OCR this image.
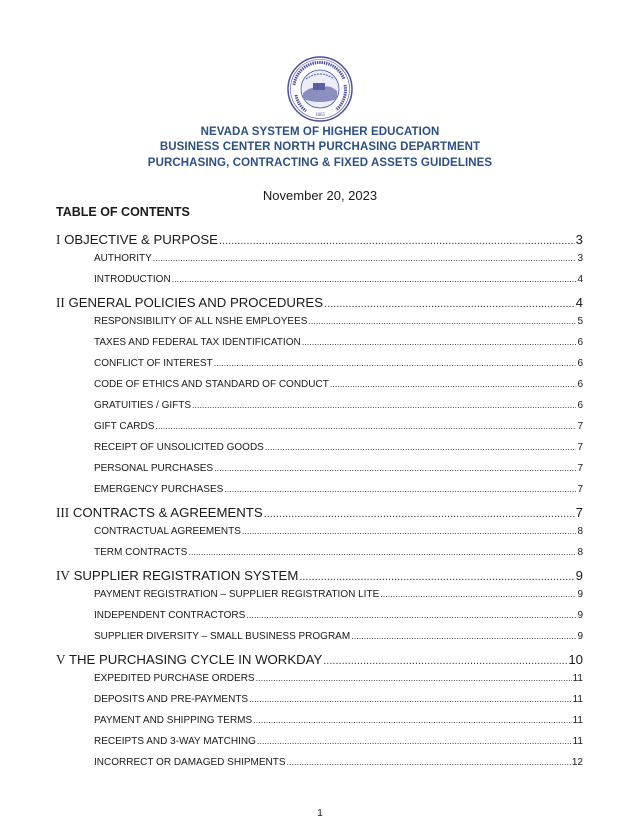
1865
NEVADA SYSTEM OF HIGHER EDUCATION
BUSINESS CENTER NORTH PURCHASING DEPARTMENT
PURCHASING, CONTRACTING & FIXED ASSETS GUIDELINES
November 20, 2023
TABLE OF CONTENTS
I OBJECTIVE & PURPOSE .....	3
AUTHORITY .....	3
INTRODUCTION .....	4
II GENERAL POLICIES AND PROCEDURES .....	4
RESPONSIBILITY OF ALL NSHE EMPLOYEES .....	5
TAXES AND FEDERAL TAX IDENTIFICATION .....	6
CONFLICT OF INTEREST .....	6
CODE OF ETHICS AND STANDARD OF CONDUCT .....	6
GRATUITIES / GIFTS .....	6
GIFT CARDS .....	7
RECEIPT OF UNSOLICITED GOODS .....	7
PERSONAL PURCHASES .....	7
EMERGENCY PURCHASES .....	7
III CONTRACTS & AGREEMENTS .....	7
CONTRACTUAL AGREEMENTS .....	8
TERM CONTRACTS .....	8
IV SUPPLIER REGISTRATION SYSTEM .....	9
PAYMENT REGISTRATION – SUPPLIER REGISTRATION LITE .....	9
INDEPENDENT CONTRACTORS .....	9
SUPPLIER DIVERSITY – SMALL BUSINESS PROGRAM .....	9
V THE PURCHASING CYCLE IN WORKDAY .....	10
EXPEDITED PURCHASE ORDERS .....	11
DEPOSITS AND PRE-PAYMENTS .....	11
PAYMENT AND SHIPPING TERMS .....	11
RECEIPTS AND 3-WAY MATCHING .....	11
INCORRECT OR DAMAGED SHIPMENTS .....	12
1
